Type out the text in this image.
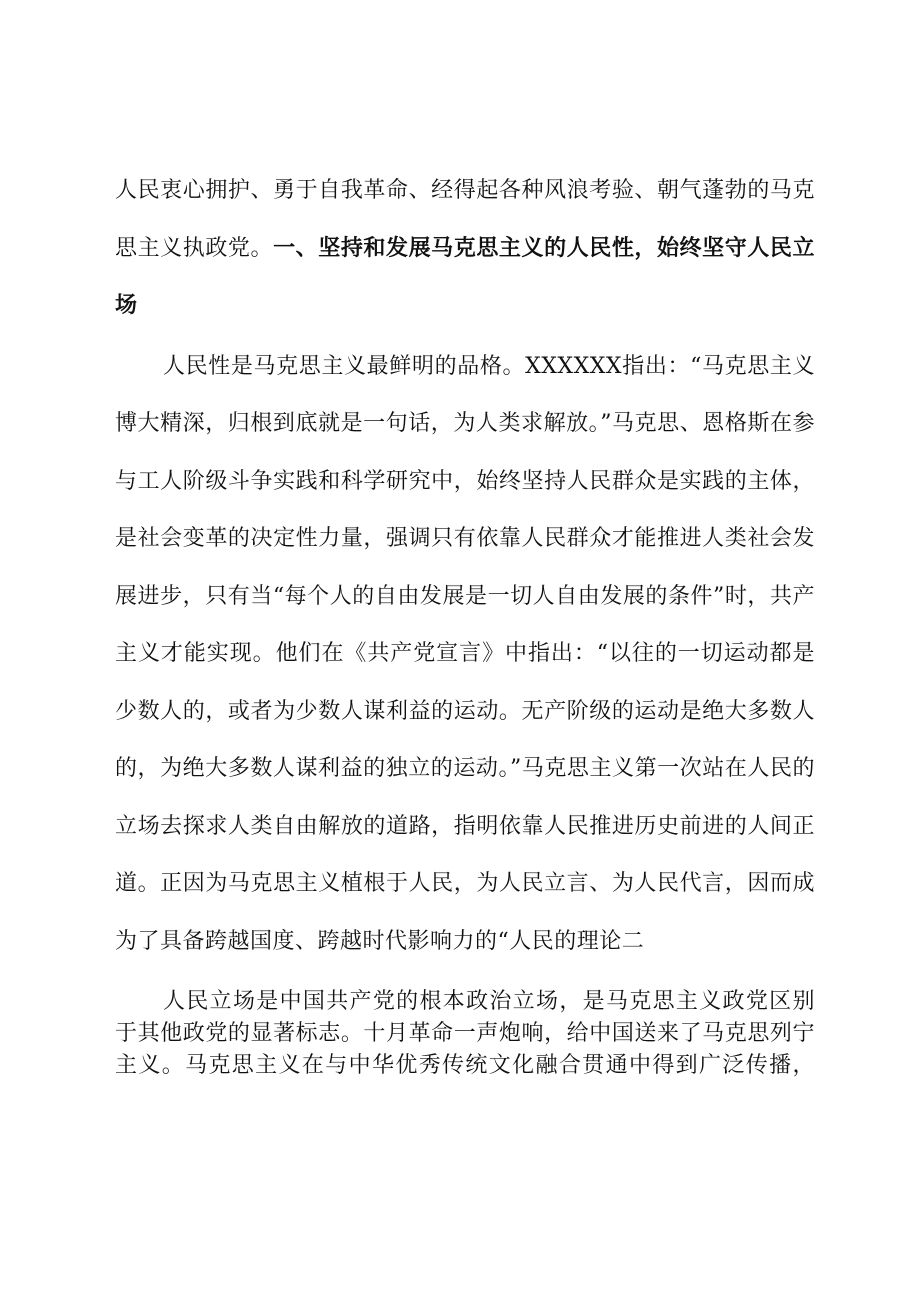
人民衷心拥护、勇于自我革命、经得起各种风浪考验、朝气蓬勃的马克思主义执政党。一、坚持和发展马克思主义的人民性，始终坚守人民立场

人民性是马克思主义最鲜明的品格。XXXXXX指出：“马克思主义博大精深，归根到底就是一句话，为人类求解放。”马克思、恩格斯在参与工人阶级斗争实践和科学研究中，始终坚持人民群众是实践的主体，是社会变革的决定性力量，强调只有依靠人民群众才能推进人类社会发展进步，只有当“每个人的自由发展是一切人自由发展的条件”时，共产主义才能实现。他们在《共产党宣言》中指出：“以往的一切运动都是少数人的，或者为少数人谋利益的运动。无产阶级的运动是绝大多数人的，为绝大多数人谋利益的独立的运动。”马克思主义第一次站在人民的立场去探求人类自由解放的道路，指明依靠人民推进历史前进的人间正道。正因为马克思主义植根于人民，为人民立言、为人民代言，因而成为了具备跨越国度、跨越时代影响力的“人民的理论二

人民立场是中国共产党的根本政治立场，是马克思主义政党区别于其他政党的显著标志。十月革命一声炮响，给中国送来了马克思列宁主义。马克思主义在与中华优秀传统文化融合贯通中得到广泛传播，
